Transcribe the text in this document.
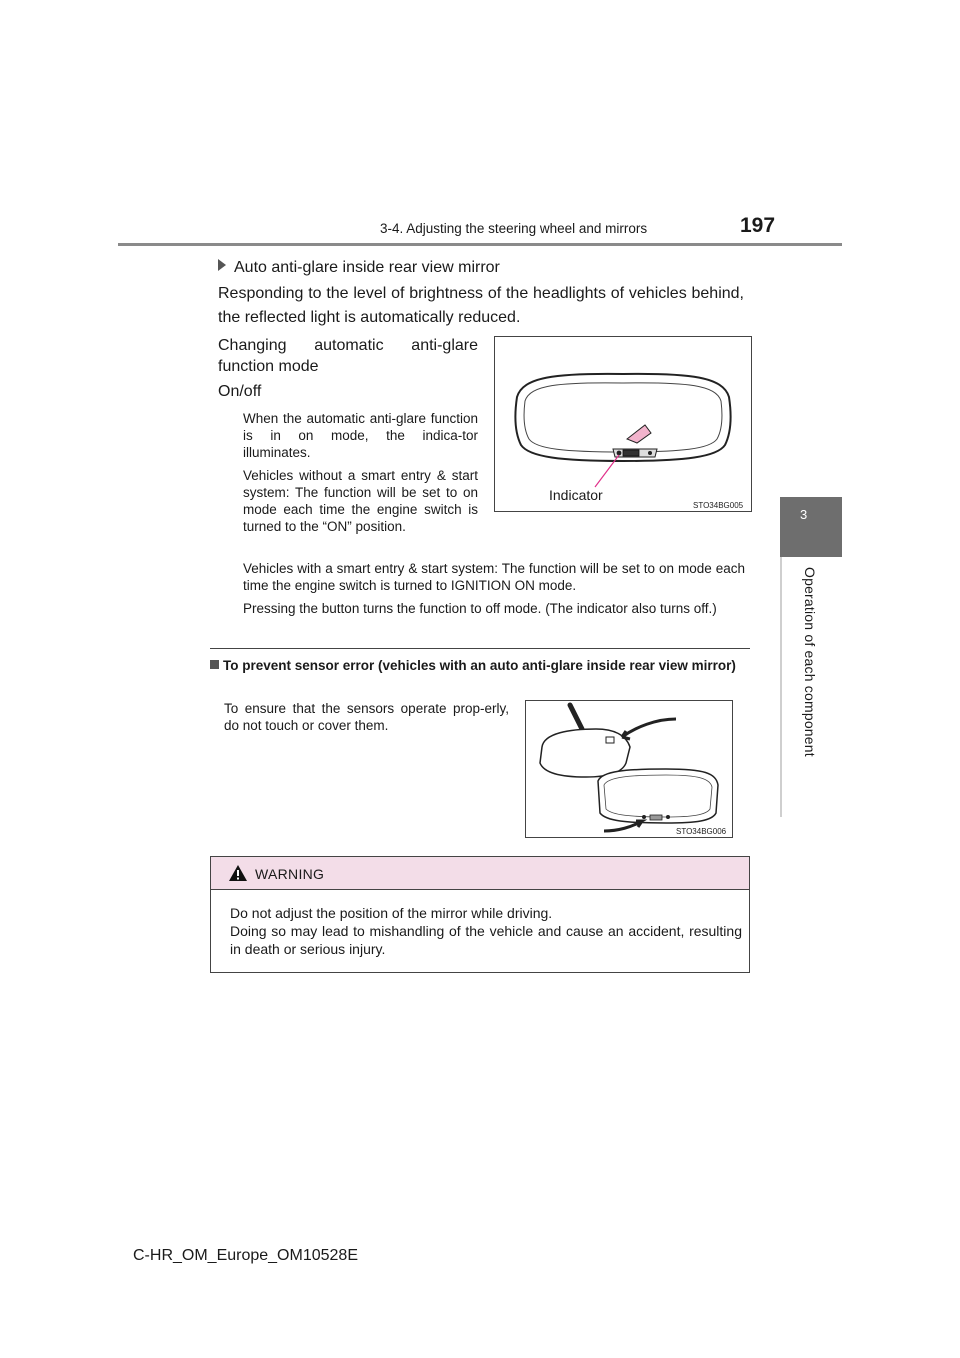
3-4. Adjusting the steering wheel and mirrors	197
3
Operation of each component
Auto anti-glare inside rear view mirror
Responding to the level of brightness of the headlights of vehicles behind, the reflected light is automatically reduced.
Changing automatic anti-glare
function mode
On/off
When the automatic anti-glare function is in on mode, the indica-tor illuminates.
Vehicles without a smart entry & start system: The function will be set to on mode each time the engine switch is turned to the “ON” position.
Vehicles with a smart entry & start system: The function will be set to on mode each time the engine switch is turned to IGNITION ON mode.
Pressing the button turns the function to off mode. (The indicator also turns off.)
Indicator
STO34BG005
To prevent sensor error (vehicles with an auto anti-glare inside rear view mirror)
To ensure that the sensors operate prop-erly, do not touch or cover them.
STO34BG006
WARNING
Do not adjust the position of the mirror while driving.
Doing so may lead to mishandling of the vehicle and cause an accident, resulting in death or serious injury.
C-HR_OM_Europe_OM10528E
